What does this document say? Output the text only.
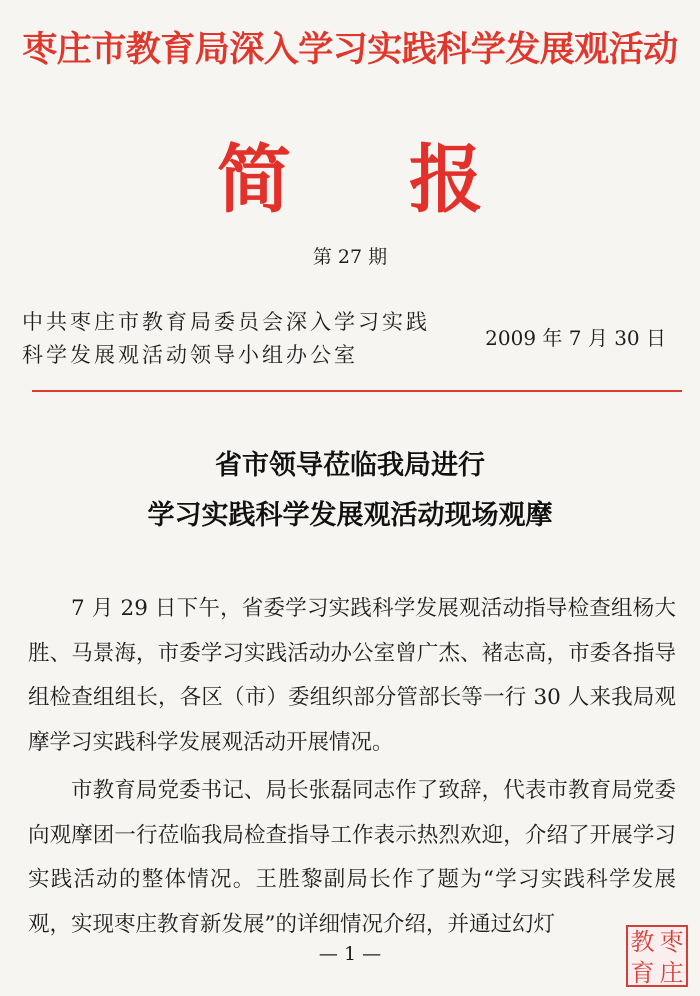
枣庄市教育局深入学习实践科学发展观活动
简报
第 27 期
中共枣庄市教育局委员会深入学习实践
科学发展观活动领导小组办公室
2009 年 7 月 30 日
省市领导莅临我局进行
学习实践科学发展观活动现场观摩

7 月 29 日下午，省委学习实践科学发展观活动指导检查组杨大胜、马景海，市委学习实践活动办公室曾广杰、褚志高，市委各指导组检查组组长，各区（市）委组织部分管部长等一行 30 人来我局观摩学习实践科学发展观活动开展情况。

市教育局党委书记、局长张磊同志作了致辞，代表市教育局党委向观摩团一行莅临我局检查指导工作表示热烈欢迎，介绍了开展学习实践活动的整体情况。王胜黎副局长作了题为“学习实践科学发展观，实现枣庄教育新发展”的详细情况介绍，并通过幻灯

— 1 —	教 枣
育 庄
